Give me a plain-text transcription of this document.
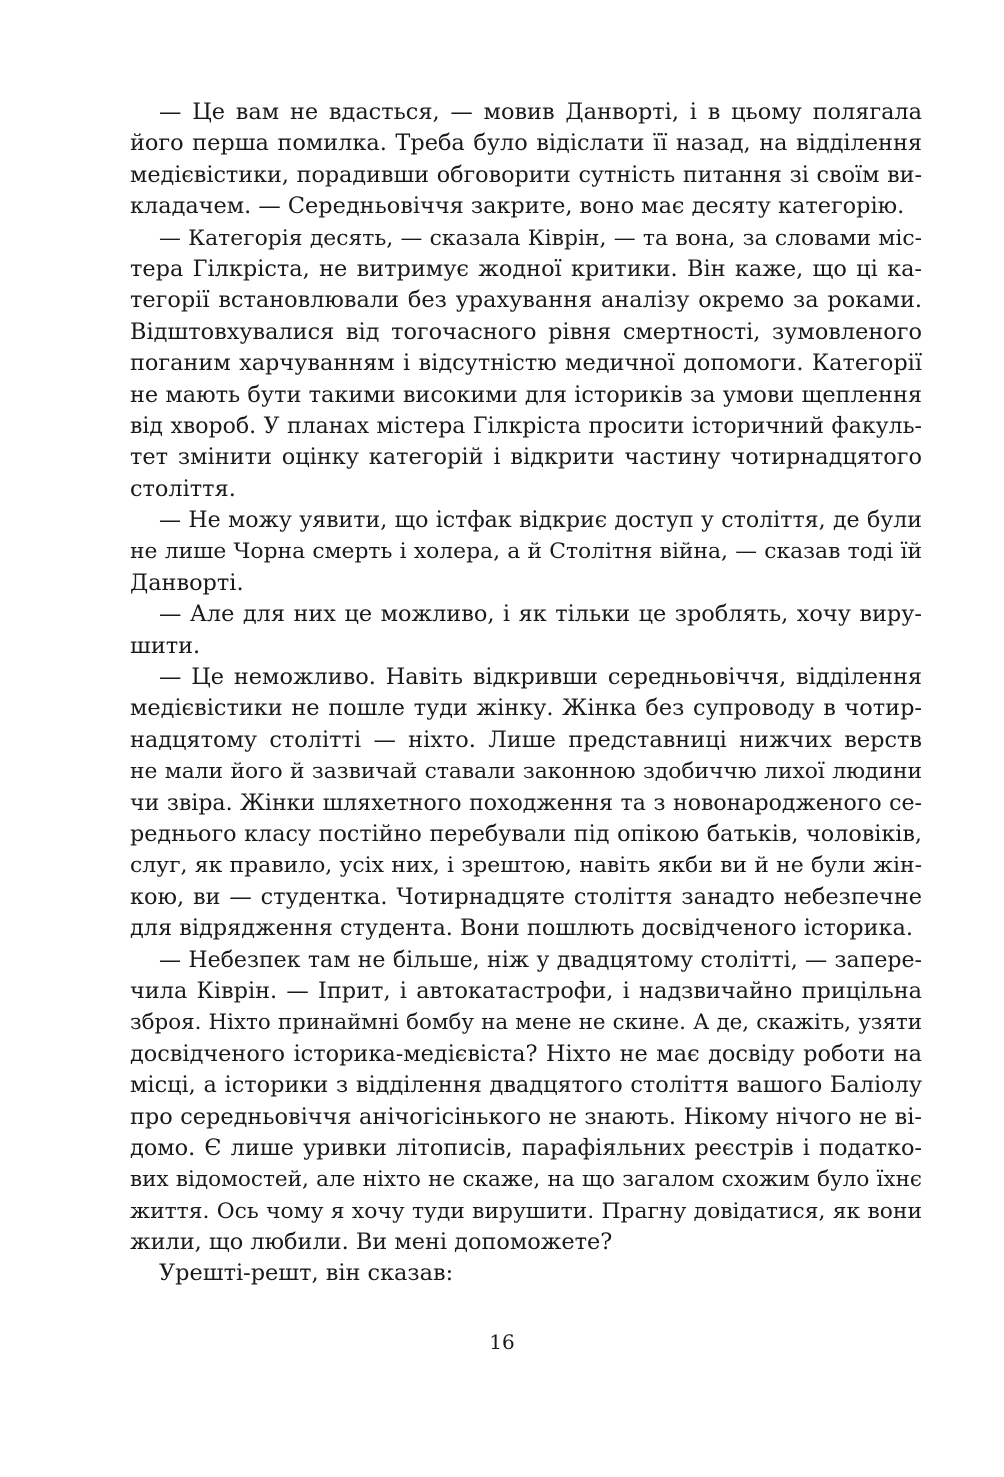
— Це вам не вдасться, — мовив Данворті, і в цьому полягала
його перша помилка. Треба було відіслати її назад, на відділення
медієвістики, порадивши обговорити сутність питання зі своїм ви-
кладачем. — Середньовіччя закрите, воно має десяту категорію.
— Категорія десять, — сказала Ківрін, — та вона, за словами міс-
тера Гілкріста, не витримує жодної критики. Він каже, що ці ка-
тегорії встановлювали без урахування аналізу окремо за роками.
Відштовхувалися від тогочасного рівня смертності, зумовленого
поганим харчуванням і відсутністю медичної допомоги. Категорії
не мають бути такими високими для істориків за умови щеплення
від хвороб. У планах містера Гілкріста просити історичний факуль-
тет змінити оцінку категорій і відкрити частину чотирнадцятого
століття.
— Не можу уявити, що істфак відкриє доступ у століття, де були
не лише Чорна смерть і холера, а й Столітня війна, — сказав тоді їй
Данворті.
— Але для них це можливо, і як тільки це зроблять, хочу виру-
шити.
— Це неможливо. Навіть відкривши середньовіччя, відділення
медієвістики не пошле туди жінку. Жінка без супроводу в чотир-
надцятому столітті — ніхто. Лише представниці нижчих верств
не мали його й зазвичай ставали законною здобиччю лихої людини
чи звіра. Жінки шляхетного походження та з новонародженого се-
реднього класу постійно перебували під опікою батьків, чоловіків,
слуг, як правило, усіх них, і зрештою, навіть якби ви й не були жін-
кою, ви — студентка. Чотирнадцяте століття занадто небезпечне
для відрядження студента. Вони пошлють досвідченого історика.
— Небезпек там не більше, ніж у двадцятому столітті, — запере-
чила Ківрін. — Іприт, і автокатастрофи, і надзвичайно прицільна
зброя. Ніхто принаймні бомбу на мене не скине. А де, скажіть, узяти
досвідченого історика-медієвіста? Ніхто не має досвіду роботи на
місці, а історики з відділення двадцятого століття вашого Баліолу
про середньовіччя анічогісінького не знають. Нікому нічого не ві-
домо. Є лише уривки літописів, парафіяльних реєстрів і податко-
вих відомостей, але ніхто не скаже, на що загалом схожим було їхнє
життя. Ось чому я хочу туди вирушити. Прагну довідатися, як вони
жили, що любили. Ви мені допоможете?
Урешті-решт, він сказав:
16
